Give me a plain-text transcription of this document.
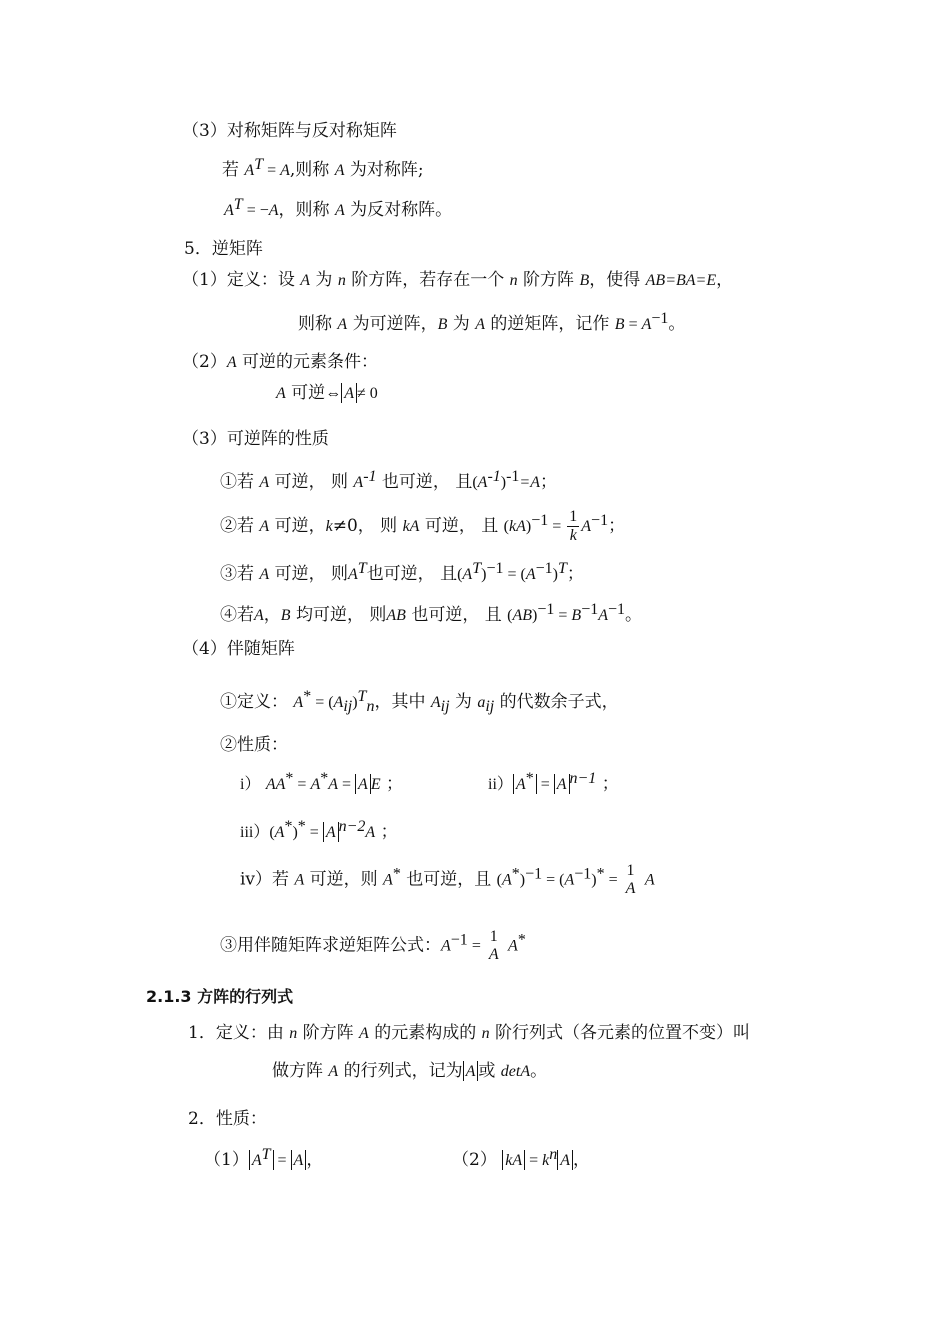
（3）对称矩阵与反对称矩阵
若 $A^T = A$,则称 A 为对称阵;
$A^T = -A$，则称 A 为反对称阵。
5．逆矩阵
（1）定义：设 A 为 n 阶方阵，若存在一个 n 阶方阵 B，使得 AB=BA=E，
则称 A 为可逆阵，B 为 A 的逆矩阵，记作 $B = A^{-1}$。
（2）A 可逆的元素条件：
A 可逆⇔ A ≠ 0
（3）可逆阵的性质
①若 A 可逆， 则 $A^{-1}$ 也可逆， 且$(A^{-1})^{-1}=A$；
②若 A 可逆，k≠0， 则 kA 可逆， 且 $(kA)^{-1} = \frac{1}{k} A^{-1}$；
③若 A 可逆， 则$A^T$也可逆， 且$(A^T)^{-1} = (A^{-1})^T$；
④若A，B 均可逆， 则AB 也可逆， 且 $(AB)^{-1} = B^{-1}A^{-1}$。
（4）伴随矩阵
①定义： $A^* = (A_{ij})^T_n$，其中 $A_{ij}$ 为 $a_{ij}$ 的代数余子式，
②性质：
i） AA* = A*A = A E ；	ii） A* = A $^{n-1}$ ；
iii）(A*)* = A $^{n-2}$A ；
iv）若 A 可逆，则 A* 也可逆，且 $(A^*)^{-1} = (A^{-1})^*$ =
1
A A
③用伴随矩阵求逆矩阵公式：$A^{-1}$ =
1
A A*
2.1.3 方阵的行列式
1．定义：由 n 阶方阵 A 的元素构成的 n 阶行列式（各元素的位置不变）叫
做方阵 A 的行列式，记为 A 或 detA。
2．性质：
（1） $A^T = A$ ，	（2） kA = $k^n$ A ，
